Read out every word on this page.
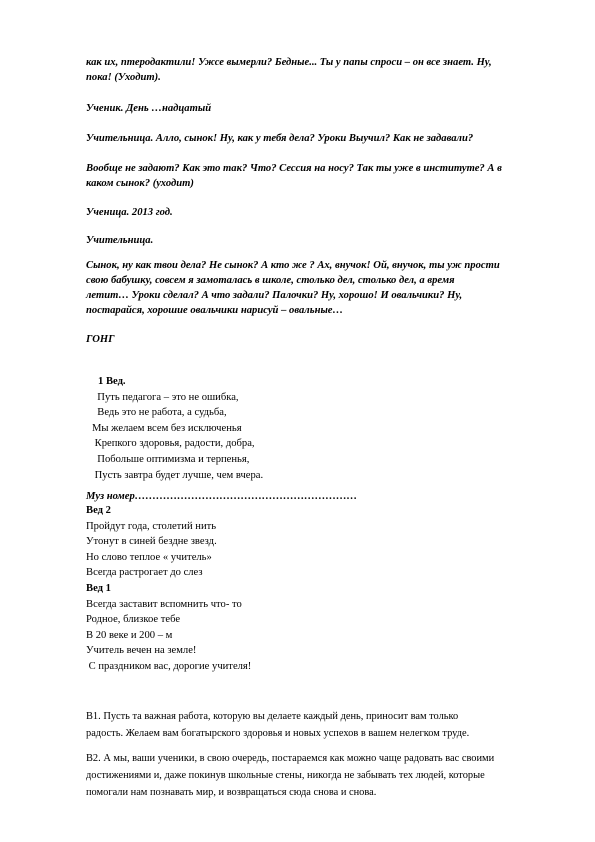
как их, птеродактили! Ужсе вымерли? Бедные... Ты у папы спроси – он все знает. Ну,
пока! (Уходит).

Ученик. День …надцатый

Учительница. Алло, сынок! Ну, как у тебя дела? Уроки Выучил? Как не задавали?

Вообще не задают? Как это так? Что? Сессия на носу? Так ты уже в институте? А в
каком сынок? (уходит)

Ученица. 2013 год.

Учительница.

Сынок, ну как твои дела? Не сынок? А кто же ? Ах, внучок! Ой, внучок, ты уж прости
свою бабушку, совсем я замоталась в школе, столько дел, столько дел, а время
летит… Уроки сделал? А что задали? Палочки? Ну, хорошо! И овальчики? Ну,
постарайся, хорошие овальчики нарисуй – овальные…

ГОНГ

1 Вед.
Путь педагога – это не ошибка,
Ведь это не работа, а судьба,
Мы желаем всем без исключенья
Крепкого здоровья, радости, добра,
Побольше оптимизма и терпенья,
Пусть завтра будет лучше, чем вчера.

Муз номер………………………………………………………

Вед 2
Пройдут года, столетий нить
Утонут в синей бездне звезд.
Но слово теплое « учитель»
Всегда растрогает до слез
Вед 1
Всегда заставит вспомнить что- то
Родное, близкое тебе
В 20 веке и 200 – м
Учитель вечен на земле!
С праздником вас, дорогие учителя!

В1. Пусть та важная работа, которую вы делаете каждый день, приносит вам только
радость. Желаем вам богатырского здоровья и новых успехов в вашем нелегком труде.

В2. А мы, ваши ученики, в свою очередь, постараемся как можно чаще радовать вас своими
достижениями и, даже покинув школьные стены, никогда не забывать тех людей, которые
помогали нам познавать мир, и возвращаться сюда снова и снова.
